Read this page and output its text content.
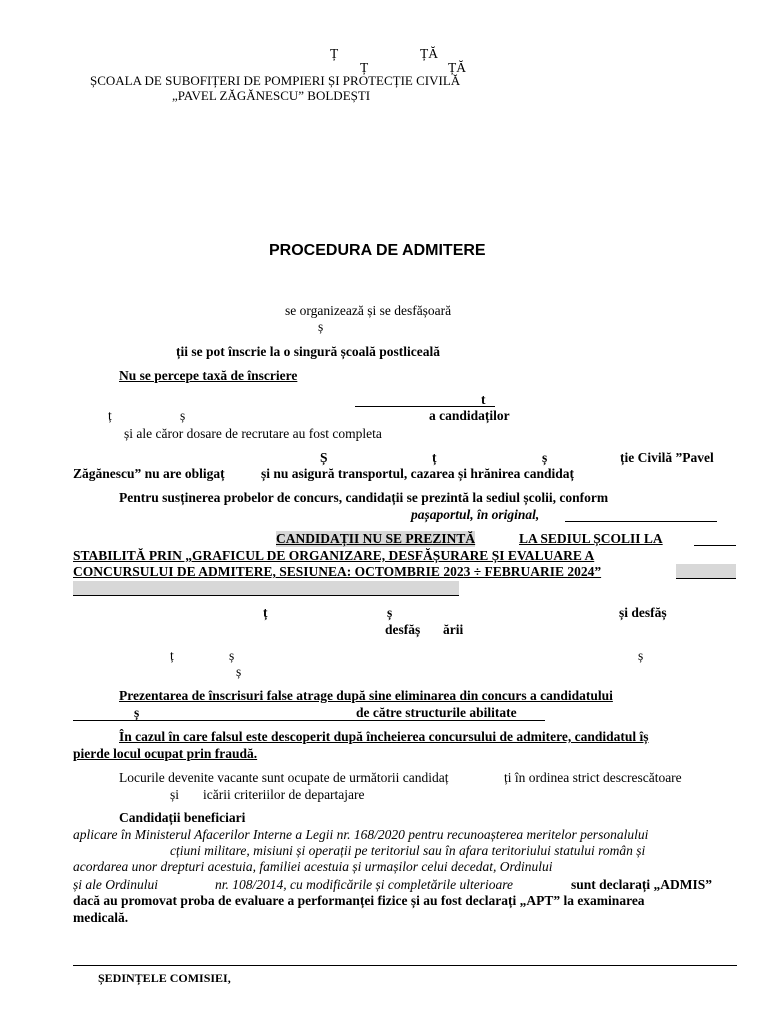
Ț	ȚĂ
Ț	ȚĂ
ȘCOALA DE SUBOFIȚERI DE POMPIERI ȘI PROTECȚIE CIVILĂ
„PAVEL ZĂGĂNESCU” BOLDEȘTI
PROCEDURA DE ADMITERE
se organizează și se desfășoară
ș
ții se pot înscrie la o singură școală postliceală
Nu se percepe taxă de înscriere
t
ț	ș	a candidaților
și ale căror dosare de recrutare au fost completa
Ș	ț	ș	ție Civilă ”Pavel
Zăgănescu” nu are obligaț	și nu asigură transportul, cazarea și hrănirea candidaț
Pentru susținerea probelor de concurs, candidații se prezintă la sediul școlii, conform
pașaportul, în original,
CANDIDAȚII NU SE PREZINTĂ	LA SEDIUL ȘCOLII LA
STABILITĂ PRIN „GRAFICUL DE ORGANIZARE, DESFĂȘURARE ȘI EVALUARE A
CONCURSULUI DE ADMITERE, SESIUNEA: OCTOMBRIE 2023 ÷ FEBRUARIE 2024”
ț	ș	și desfăș
desfăș ării
ț	ș	ș
ș
Prezentarea de înscrisuri false atrage după sine eliminarea din concurs a candidatului
ș	de către structurile abilitate
În cazul în care falsul este descoperit după încheierea concursului de admitere, candidatul îș
pierde locul ocupat prin fraudă.
Locurile devenite vacante sunt ocupate de următorii candidaț	ți în ordinea strict descrescătoare
și icării criteriilor de departajare
Candidații beneficiari
aplicare în Ministerul Afacerilor Interne a Legii nr. 168/2020 pentru recunoașterea meritelor personalului
cțiuni militare, misiuni și operații pe teritoriul sau în afara teritoriului statului român și
acordarea unor drepturi acestuia, familiei acestuia și urmașilor celui decedat, Ordinului
și ale Ordinului	nr. 108/2014, cu modificările și completările ulterioare	sunt declarați „ADMIS”
dacă au promovat proba de evaluare a performanței fizice și au fost declarați „APT” la examinarea
medicală.
ȘEDINȚELE COMISIEI,
